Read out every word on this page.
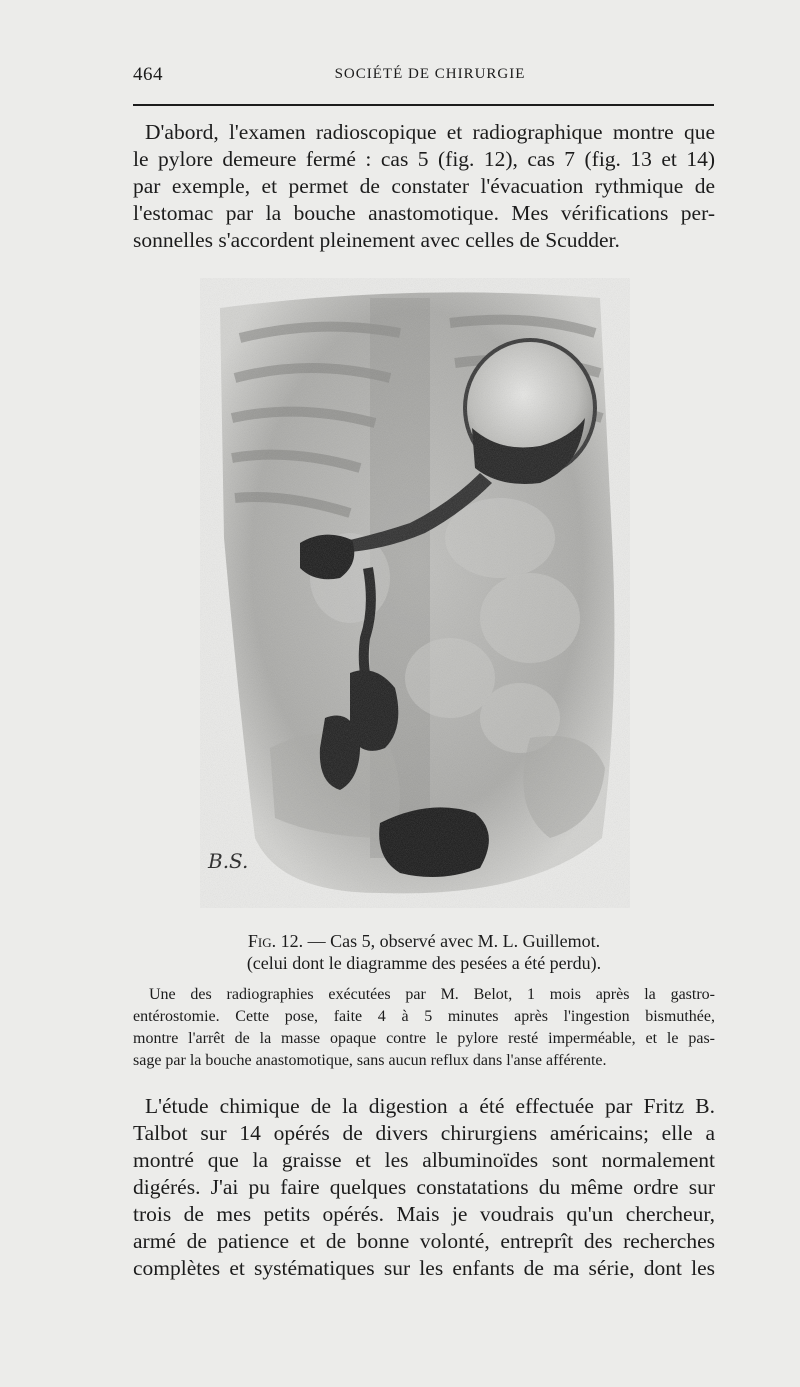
464	SOCIÉTÉ DE CHIRURGIE
D'abord, l'examen radioscopique et radiographique montre que
le pylore demeure fermé : cas 5 (fig. 12), cas 7 (fig. 13 et 14)
par exemple, et permet de constater l'évacuation rythmique de
l'estomac par la bouche anastomotique. Mes vérifications per-
sonnelles s'accordent pleinement avec celles de Scudder.
B.S.
Fig. 12. — Cas 5, observé avec M. L. Guillemot.
(celui dont le diagramme des pesées a été perdu).
Une des radiographies exécutées par M. Belot, 1 mois après la gastro-
entérostomie. Cette pose, faite 4 à 5 minutes après l'ingestion bismuthée,
montre l'arrêt de la masse opaque contre le pylore resté imperméable, et le pas-
sage par la bouche anastomotique, sans aucun reflux dans l'anse afférente.
L'étude chimique de la digestion a été effectuée par Fritz B.
Talbot sur 14 opérés de divers chirurgiens américains; elle a
montré que la graisse et les albuminoïdes sont normalement
digérés. J'ai pu faire quelques constatations du même ordre sur
trois de mes petits opérés. Mais je voudrais qu'un chercheur,
armé de patience et de bonne volonté, entreprît des recherches
complètes et systématiques sur les enfants de ma série, dont les
